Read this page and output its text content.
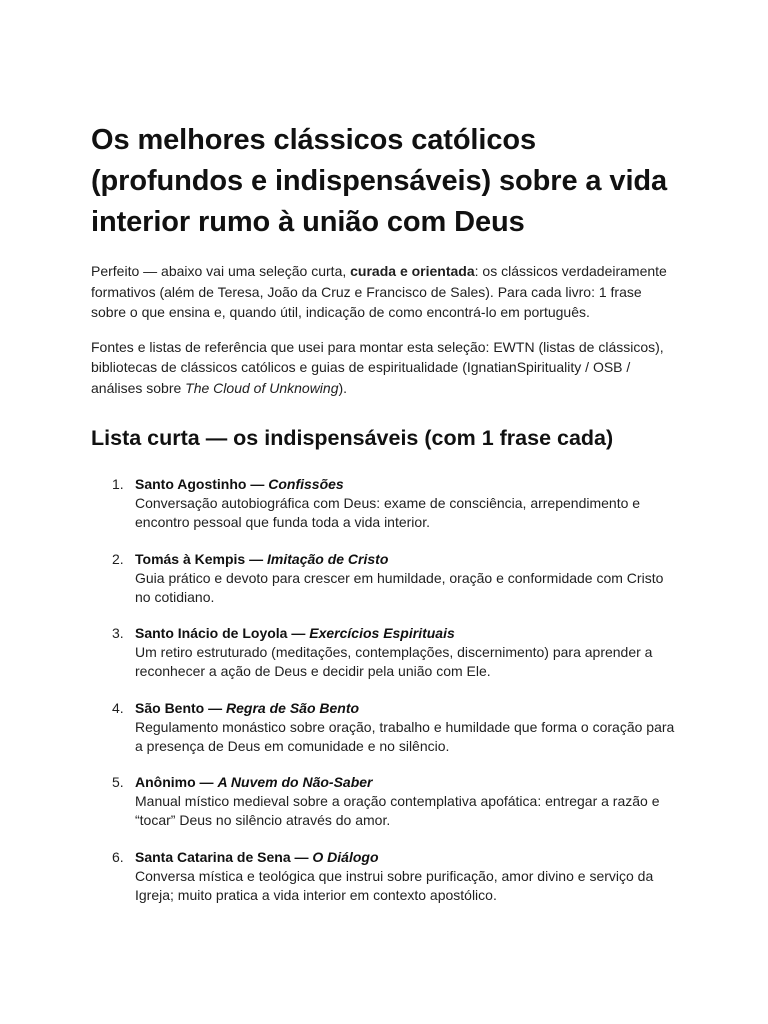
Os melhores clássicos católicos (profundos e indispensáveis) sobre a vida interior rumo à união com Deus

Perfeito — abaixo vai uma seleção curta, curada e orientada: os clássicos verdadeiramente formativos (além de Teresa, João da Cruz e Francisco de Sales). Para cada livro: 1 frase sobre o que ensina e, quando útil, indicação de como encontrá-lo em português.

Fontes e listas de referência que usei para montar esta seleção: EWTN (listas de clássicos), bibliotecas de clássicos católicos e guias de espiritualidade (IgnatianSpirituality / OSB / análises sobre The Cloud of Unknowing).

Lista curta — os indispensáveis (com 1 frase cada)
1. Santo Agostinho — Confissões
Conversação autobiográfica com Deus: exame de consciência, arrependimento e encontro pessoal que funda toda a vida interior.
2. Tomás à Kempis — Imitação de Cristo
Guia prático e devoto para crescer em humildade, oração e conformidade com Cristo no cotidiano.
3. Santo Inácio de Loyola — Exercícios Espirituais
Um retiro estruturado (meditações, contemplações, discernimento) para aprender a reconhecer a ação de Deus e decidir pela união com Ele.
4. São Bento — Regra de São Bento
Regulamento monástico sobre oração, trabalho e humildade que forma o coração para a presença de Deus em comunidade e no silêncio.
5. Anônimo — A Nuvem do Não-Saber
Manual místico medieval sobre a oração contemplativa apofática: entregar a razão e “tocar” Deus no silêncio através do amor.
6. Santa Catarina de Sena — O Diálogo
Conversa mística e teológica que instrui sobre purificação, amor divino e serviço da Igreja; muito pratica a vida interior em contexto apostólico.
